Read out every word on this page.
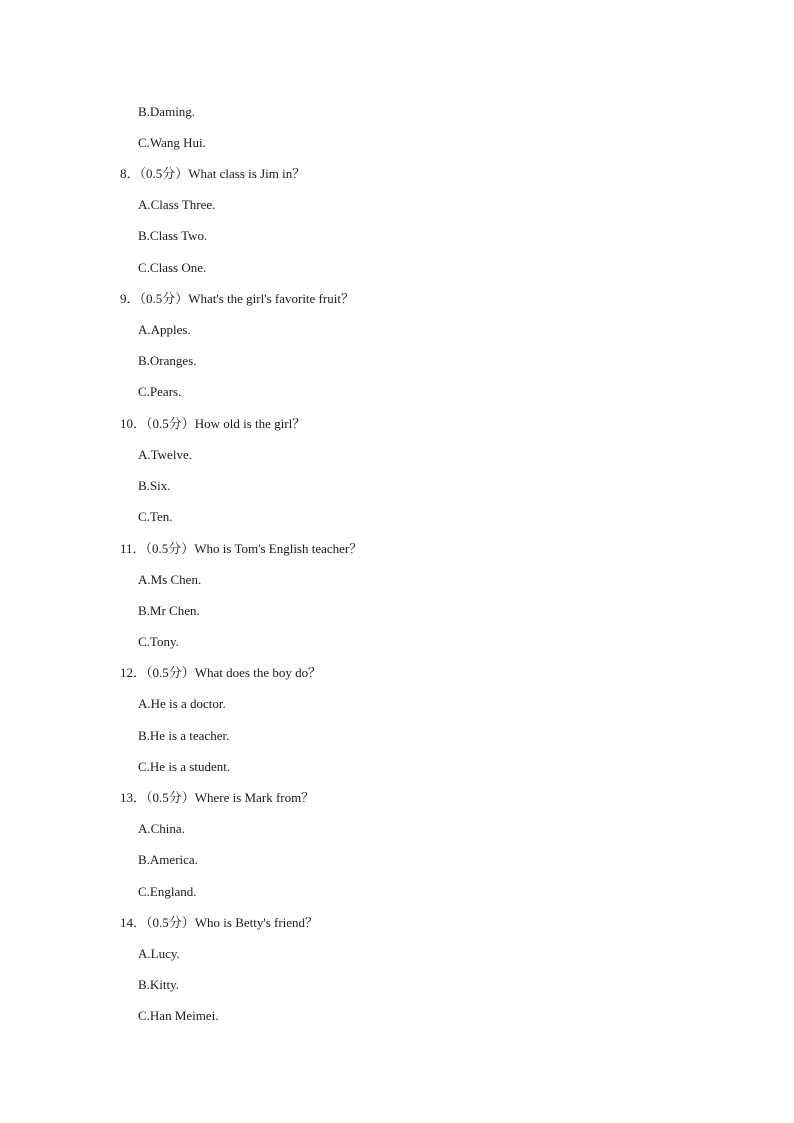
B.Daming.
C.Wang Hui.
8．（0.5分）What class is Jim in？
A.Class Three.
B.Class Two.
C.Class One.
9．（0.5分）What's the girl's favorite fruit？
A.Apples.
B.Oranges.
C.Pears.
10．（0.5分）How old is the girl？
A.Twelve.
B.Six.
C.Ten.
11．（0.5分）Who is Tom's English teacher？
A.Ms Chen.
B.Mr Chen.
C.Tony.
12．（0.5分）What does the boy do？
A.He is a doctor.
B.He is a teacher.
C.He is a student.
13．（0.5分）Where is Mark from？
A.China.
B.America.
C.England.
14．（0.5分）Who is Betty's friend？
A.Lucy.
B.Kitty.
C.Han Meimei.
